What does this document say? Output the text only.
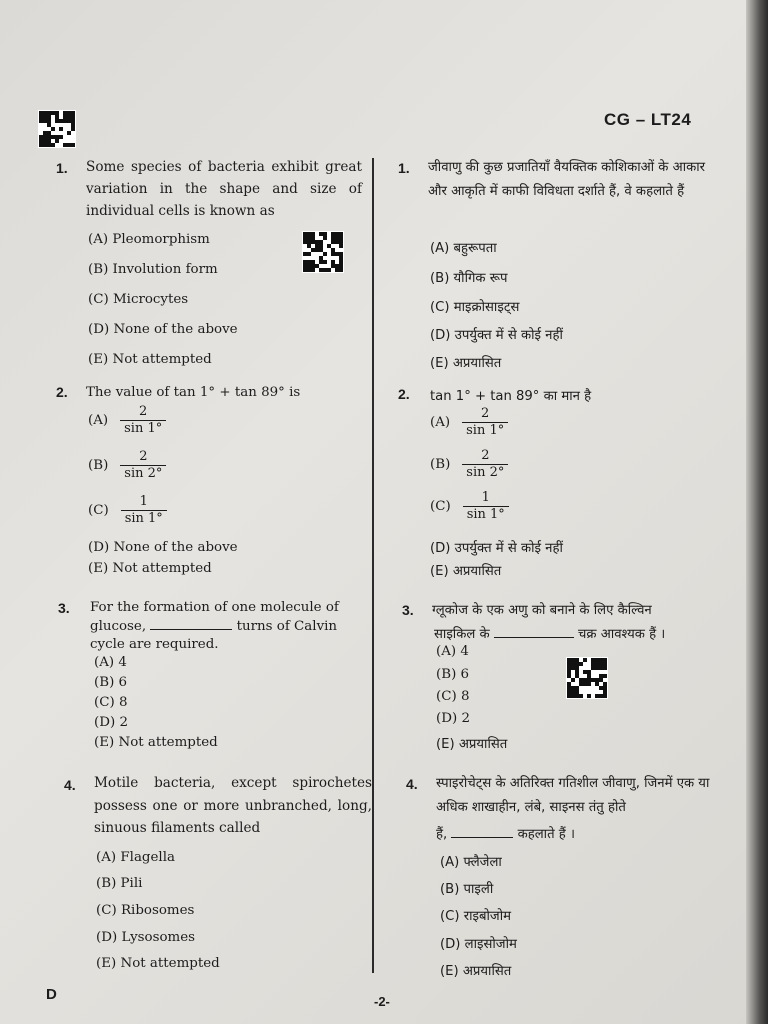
CG – LT24
1. Some species of bacteria exhibit great variation in the shape and size of individual cells is known as
(A) Pleomorphism
(B) Involution form
(C) Microcytes
(D) None of the above
(E) Not attempted
1. जीवाणु की कुछ प्रजातियाँ वैयक्तिक कोशिकाओं के आकार और आकृति में काफी विविधता दर्शाते हैं, वे कहलाते हैं
(A) बहुरूपता
(B) यौगिक रूप
(C) माइक्रोसाइट्स
(D) उपर्युक्त में से कोई नहीं
(E) अप्रयासित
2. The value of tan 1° + tan 89° is
$(A) \frac{2}{\sin 1^\circ}$
$(B) \frac{2}{\sin 2^\circ}$
$(C) \frac{1}{\sin 1^\circ}$
(D) None of the above
(E) Not attempted
2. tan 1° + tan 89° का मान है
$(A) \frac{2}{\sin 1^\circ}$
$(B) \frac{2}{\sin 2^\circ}$
$(C) \frac{1}{\sin 1^\circ}$
(D) उपर्युक्त में से कोई नहीं
(E) अप्रयासित
3. For the formation of one molecule of
glucose,	turns of Calvin
cycle are required.
(A) 4
(B) 6
(C) 8
(D) 2
(E) Not attempted
3. ग्लूकोज के एक अणु को बनाने के लिए कैल्विन
साइकिल के	चक्र आवश्यक हैं ।
(A) 4
(B) 6
(C) 8
(D) 2
(E) अप्रयासित
4. Motile bacteria, except spirochetes possess one or more unbranched, long, sinuous filaments called
(A) Flagella
(B) Pili
(C) Ribosomes
(D) Lysosomes
(E) Not attempted
4. स्पाइरोचेट्स के अतिरिक्त गतिशील जीवाणु, जिनमें एक या अधिक शाखाहीन, लंबे, साइनस तंतु होते
हैं,	कहलाते हैं ।
(A) फ्लैजेला
(B) पाइली
(C) राइबोजोम
(D) लाइसोजोम
(E) अप्रयासित
D	-2-
